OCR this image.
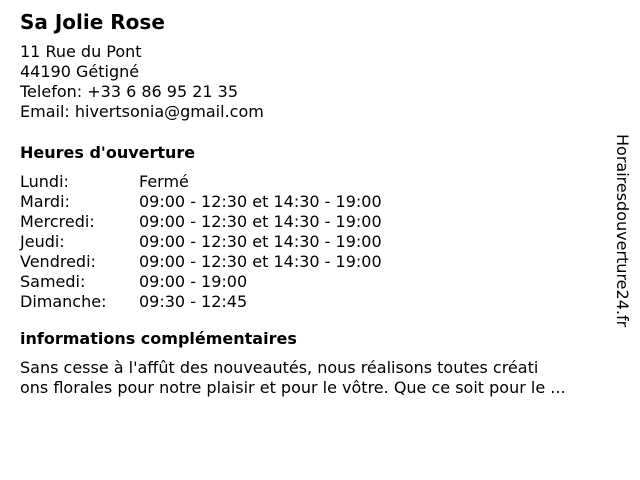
Sa Jolie Rose
11 Rue du Pont
44190 Gétigné
Telefon: +33 6 86 95 21 35
Email: hivertsonia@gmail.com
Heures d'ouverture
Lundi:	Fermé
Mardi:	09:00 - 12:30 et 14:30 - 19:00
Mercredi:	09:00 - 12:30 et 14:30 - 19:00
Jeudi:	09:00 - 12:30 et 14:30 - 19:00
Vendredi:	09:00 - 12:30 et 14:30 - 19:00
Samedi:	09:00 - 19:00
Dimanche:	09:30 - 12:45
informations complémentaires
Sans cesse à l'affût des nouveautés, nous réalisons toutes créati
ons florales pour notre plaisir et pour le vôtre. Que ce soit pour le ...
Horairesdouverture24.fr
